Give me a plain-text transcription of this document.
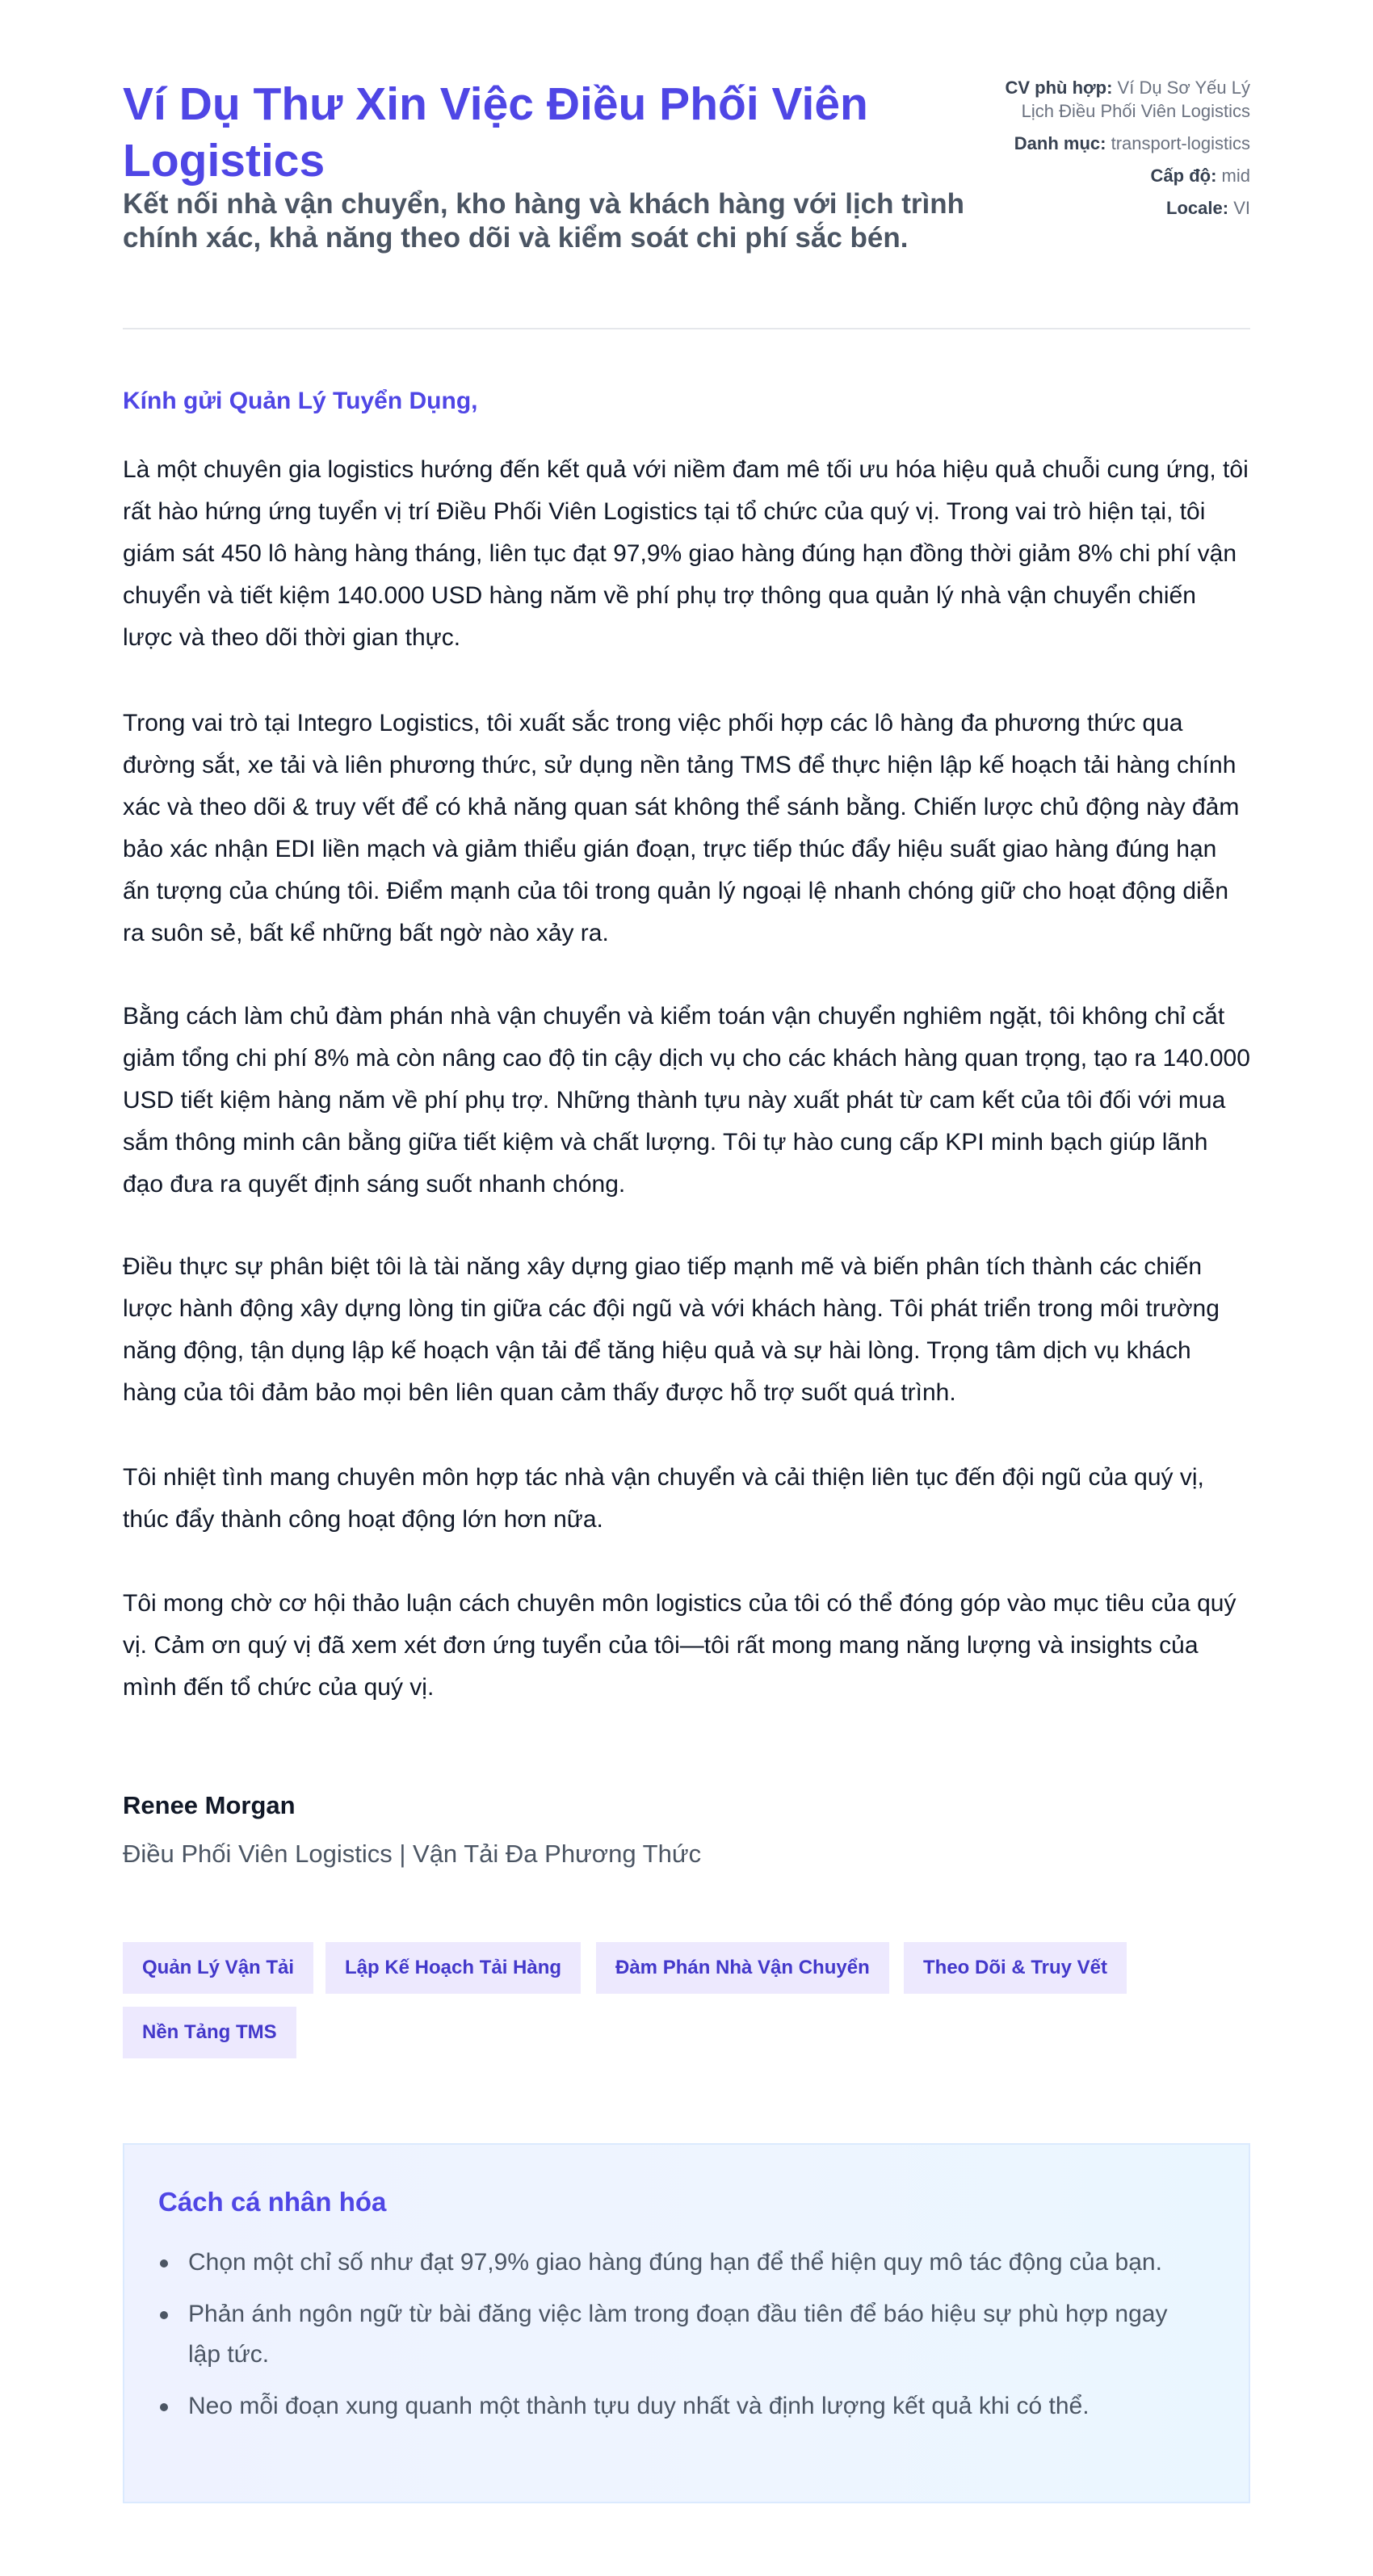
Ví Dụ Thư Xin Việc Điều Phối Viên Logistics
Kết nối nhà vận chuyển, kho hàng và khách hàng với lịch trình chính xác, khả năng theo dõi và kiểm soát chi phí sắc bén.
CV phù hợp: Ví Dụ Sơ Yếu Lý Lịch Điều Phối Viên Logistics
Danh mục: transport-logistics
Cấp độ: mid
Locale: VI

Kính gửi Quản Lý Tuyển Dụng,

Là một chuyên gia logistics hướng đến kết quả với niềm đam mê tối ưu hóa hiệu quả chuỗi cung ứng, tôi rất hào hứng ứng tuyển vị trí Điều Phối Viên Logistics tại tổ chức của quý vị. Trong vai trò hiện tại, tôi giám sát 450 lô hàng hàng tháng, liên tục đạt 97,9% giao hàng đúng hạn đồng thời giảm 8% chi phí vận chuyển và tiết kiệm 140.000 USD hàng năm về phí phụ trợ thông qua quản lý nhà vận chuyển chiến lược và theo dõi thời gian thực.

Trong vai trò tại Integro Logistics, tôi xuất sắc trong việc phối hợp các lô hàng đa phương thức qua đường sắt, xe tải và liên phương thức, sử dụng nền tảng TMS để thực hiện lập kế hoạch tải hàng chính xác và theo dõi & truy vết để có khả năng quan sát không thể sánh bằng. Chiến lược chủ động này đảm bảo xác nhận EDI liền mạch và giảm thiểu gián đoạn, trực tiếp thúc đẩy hiệu suất giao hàng đúng hạn ấn tượng của chúng tôi. Điểm mạnh của tôi trong quản lý ngoại lệ nhanh chóng giữ cho hoạt động diễn ra suôn sẻ, bất kể những bất ngờ nào xảy ra.

Bằng cách làm chủ đàm phán nhà vận chuyển và kiểm toán vận chuyển nghiêm ngặt, tôi không chỉ cắt giảm tổng chi phí 8% mà còn nâng cao độ tin cậy dịch vụ cho các khách hàng quan trọng, tạo ra 140.000 USD tiết kiệm hàng năm về phí phụ trợ. Những thành tựu này xuất phát từ cam kết của tôi đối với mua sắm thông minh cân bằng giữa tiết kiệm và chất lượng. Tôi tự hào cung cấp KPI minh bạch giúp lãnh đạo đưa ra quyết định sáng suốt nhanh chóng.

Điều thực sự phân biệt tôi là tài năng xây dựng giao tiếp mạnh mẽ và biến phân tích thành các chiến lược hành động xây dựng lòng tin giữa các đội ngũ và với khách hàng. Tôi phát triển trong môi trường năng động, tận dụng lập kế hoạch vận tải để tăng hiệu quả và sự hài lòng. Trọng tâm dịch vụ khách hàng của tôi đảm bảo mọi bên liên quan cảm thấy được hỗ trợ suốt quá trình.

Tôi nhiệt tình mang chuyên môn hợp tác nhà vận chuyển và cải thiện liên tục đến đội ngũ của quý vị, thúc đẩy thành công hoạt động lớn hơn nữa.

Tôi mong chờ cơ hội thảo luận cách chuyên môn logistics của tôi có thể đóng góp vào mục tiêu của quý vị. Cảm ơn quý vị đã xem xét đơn ứng tuyển của tôi—tôi rất mong mang năng lượng và insights của mình đến tổ chức của quý vị.

Renee Morgan

Điều Phối Viên Logistics | Vận Tải Đa Phương Thức

Quản Lý Vận Tải	Lập Kế Hoạch Tải Hàng	Đàm Phán Nhà Vận Chuyển	Theo Dõi & Truy Vết
Nền Tảng TMS
Cách cá nhân hóa
Chọn một chỉ số như đạt 97,9% giao hàng đúng hạn để thể hiện quy mô tác động của bạn.
Phản ánh ngôn ngữ từ bài đăng việc làm trong đoạn đầu tiên để báo hiệu sự phù hợp ngay lập tức.
Neo mỗi đoạn xung quanh một thành tựu duy nhất và định lượng kết quả khi có thể.
